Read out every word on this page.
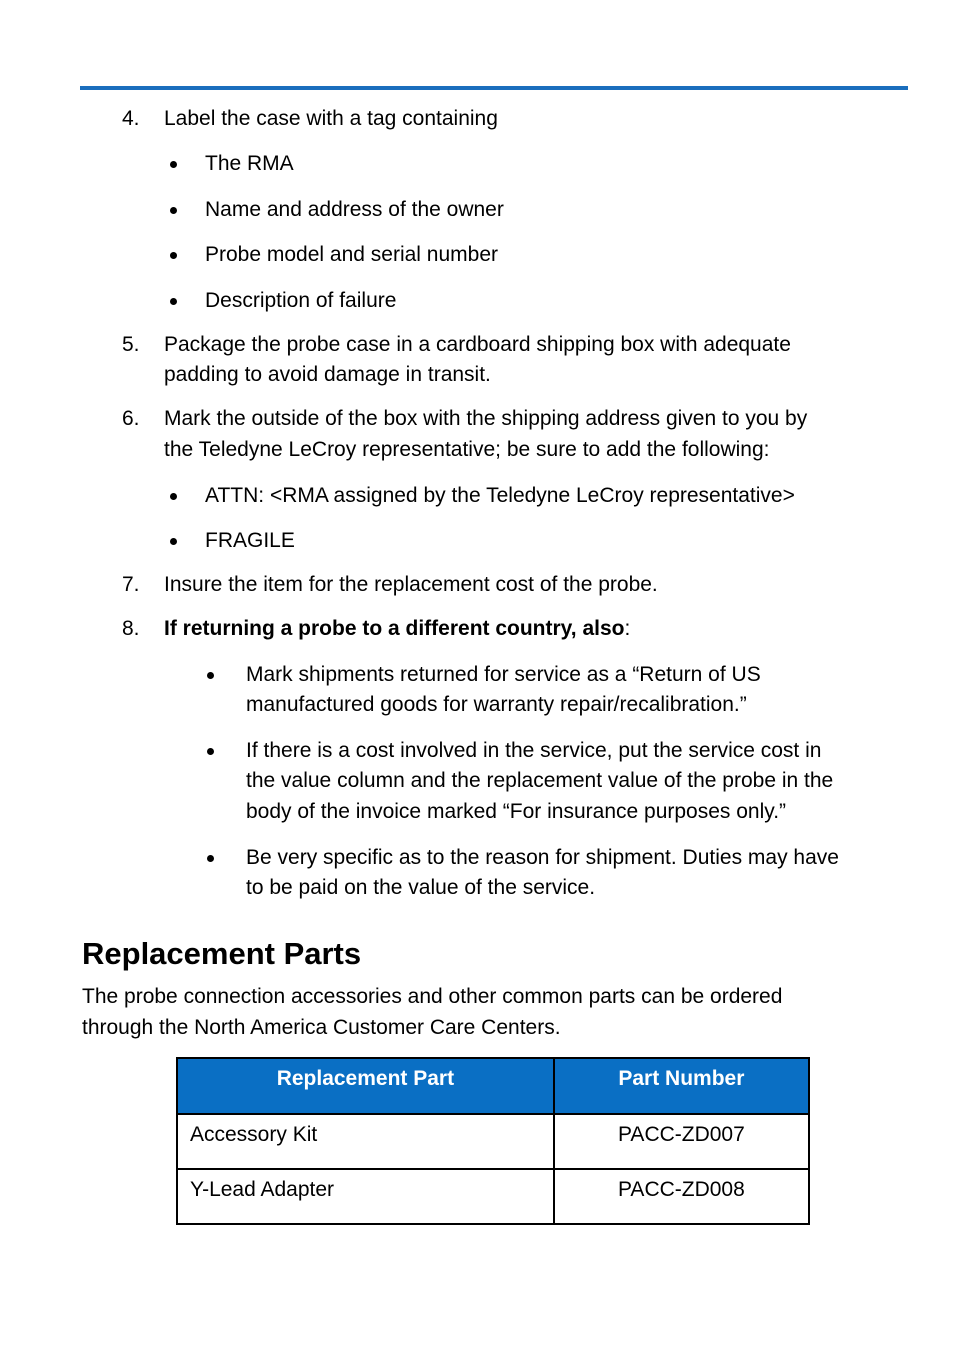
4. Label the case with a tag containing
The RMA
Name and address of the owner
Probe model and serial number
Description of failure
5. Package the probe case in a cardboard shipping box with adequate
padding to avoid damage in transit.
6. Mark the outside of the box with the shipping address given to you by
the Teledyne LeCroy representative; be sure to add the following:
ATTN: <RMA assigned by the Teledyne LeCroy representative>
FRAGILE
7. Insure the item for the replacement cost of the probe.
8. If returning a probe to a different country, also:
Mark shipments returned for service as a “Return of US
manufactured goods for warranty repair/recalibration.”
If there is a cost involved in the service, put the service cost in
the value column and the replacement value of the probe in the
body of the invoice marked “For insurance purposes only.”
Be very specific as to the reason for shipment. Duties may have
to be paid on the value of the service.
Replacement Parts
The probe connection accessories and other common parts can be ordered
through the North America Customer Care Centers.
Replacement Part	Part Number
Accessory Kit	PACC-ZD007
Y-Lead Adapter	PACC-ZD008
